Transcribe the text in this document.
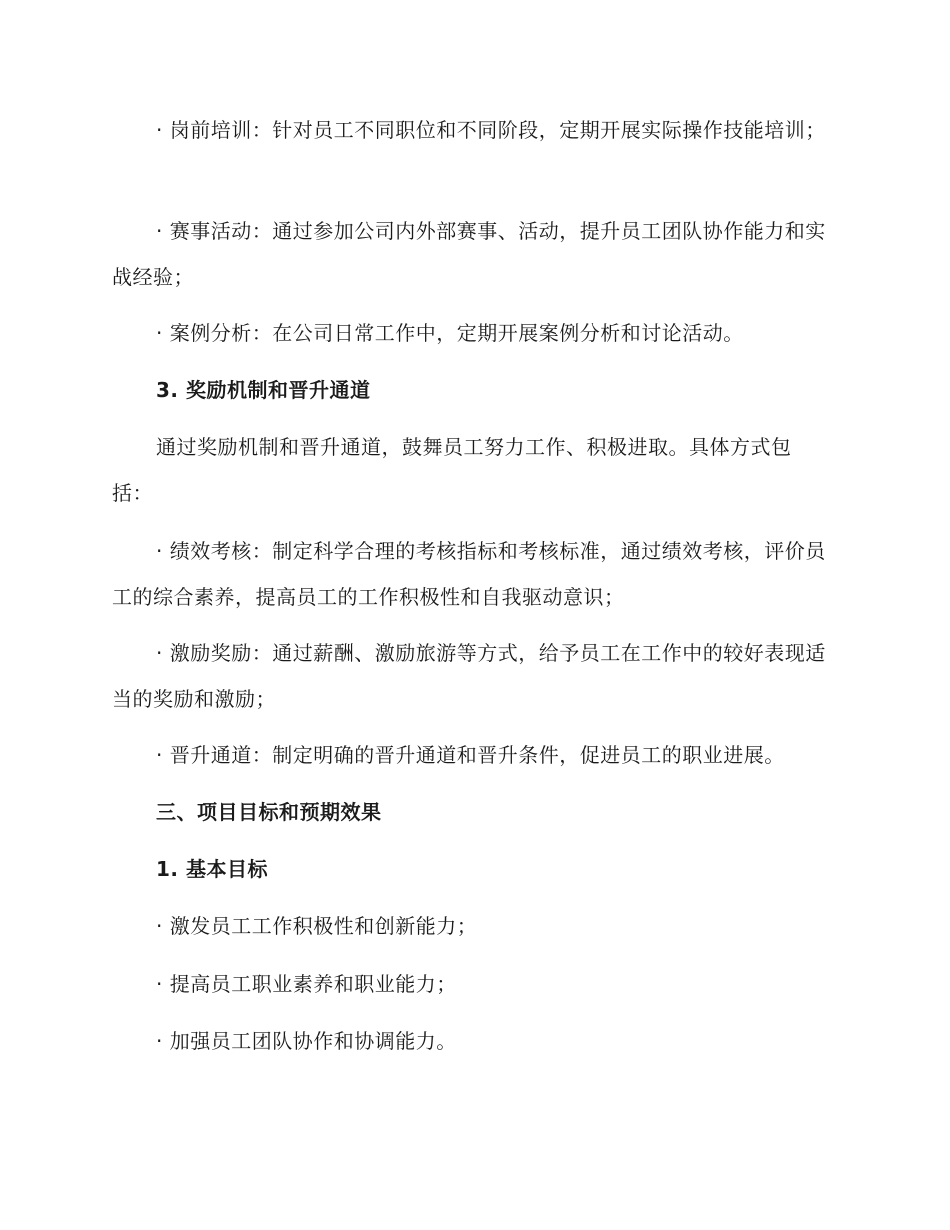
· 岗前培训：针对员工不同职位和不同阶段，定期开展实际操作技能培训；

· 赛事活动：通过参加公司内外部赛事、活动，提升员工团队协作能力和实战经验；

· 案例分析：在公司日常工作中，定期开展案例分析和讨论活动。

3. 奖励机制和晋升通道

通过奖励机制和晋升通道，鼓舞员工努力工作、积极进取。具体方式包括：

· 绩效考核：制定科学合理的考核指标和考核标准，通过绩效考核，评价员工的综合素养，提高员工的工作积极性和自我驱动意识；

· 激励奖励：通过薪酬、激励旅游等方式，给予员工在工作中的较好表现适当的奖励和激励；

· 晋升通道：制定明确的晋升通道和晋升条件，促进员工的职业进展。

三、项目目标和预期效果

1. 基本目标

· 激发员工工作积极性和创新能力；

· 提高员工职业素养和职业能力；

· 加强员工团队协作和协调能力。
